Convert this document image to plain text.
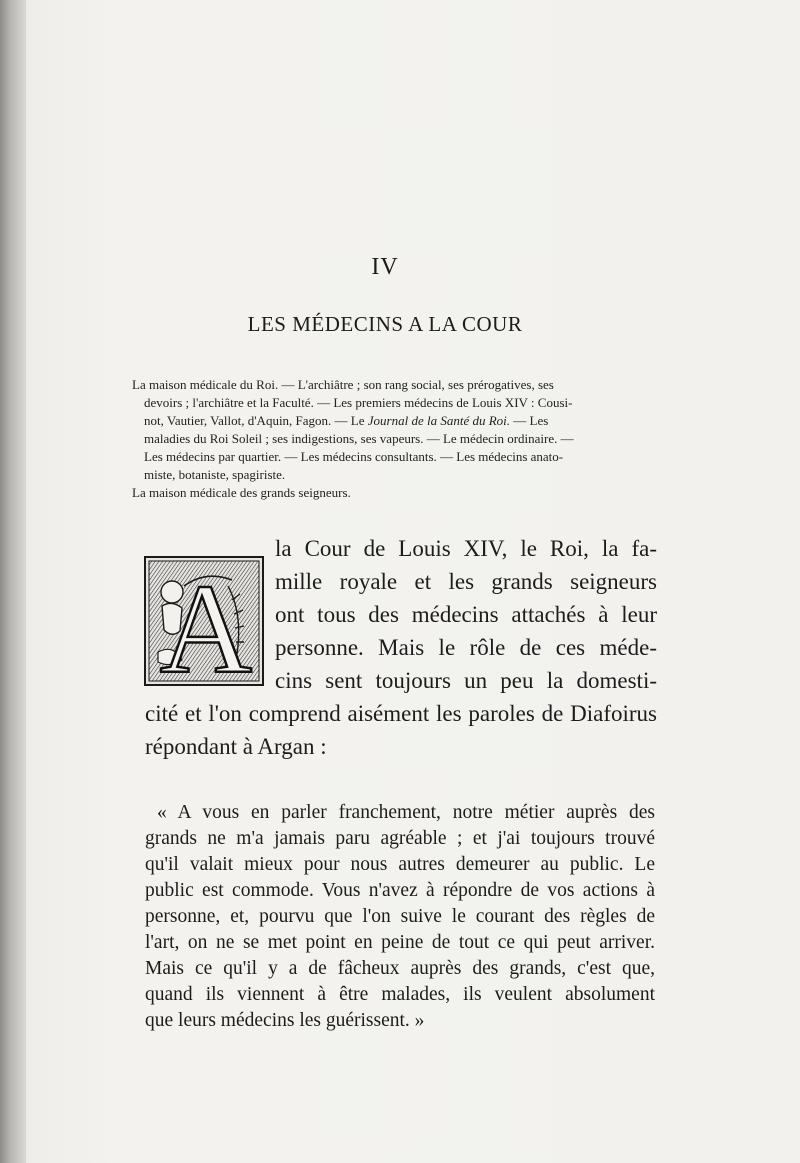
IV
LES MÉDECINS A LA COUR
La maison médicale du Roi. — L'archiâtre ; son rang social, ses prérogatives, ses
devoirs ; l'archiâtre et la Faculté. — Les premiers médecins de Louis XIV : Cousi-
not, Vautier, Vallot, d'Aquin, Fagon. — Le Journal de la Santé du Roi. — Les
maladies du Roi Soleil ; ses indigestions, ses vapeurs. — Le médecin ordinaire. —
Les médecins par quartier. — Les médecins consultants. — Les médecins anato-
miste, botaniste, spagiriste.
La maison médicale des grands seigneurs.
A
la Cour de Louis XIV, le Roi, la fa-
mille royale et les grands seigneurs
ont tous des médecins attachés à leur
personne. Mais le rôle de ces méde-
cins sent toujours un peu la domesti-
cité et l'on comprend aisément les paroles de Diafoirus
répondant à Argan :
« A vous en parler franchement, notre métier auprès des
grands ne m'a jamais paru agréable ; et j'ai toujours trouvé
qu'il valait mieux pour nous autres demeurer au public. Le
public est commode. Vous n'avez à répondre de vos actions à
personne, et, pourvu que l'on suive le courant des règles de
l'art, on ne se met point en peine de tout ce qui peut arriver.
Mais ce qu'il y a de fâcheux auprès des grands, c'est que,
quand ils viennent à être malades, ils veulent absolument
que leurs médecins les guérissent. »
